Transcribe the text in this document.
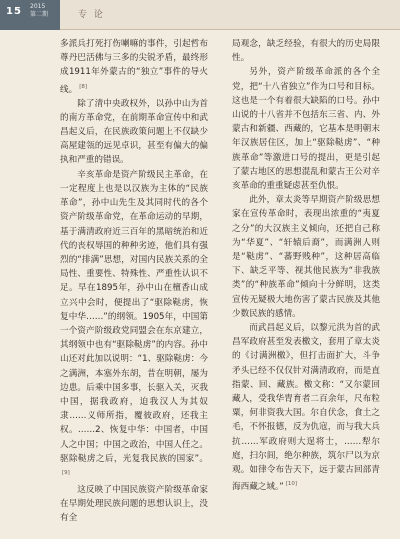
15 2015
第二期	专 论

多派兵打死打伤喇嘛的事件，引起哲布尊丹巴活佛与三多的尖锐矛盾，最终形成1911年外蒙古的“独立”事件的导火线。 [8]

除了清中央政权外，以孙中山为首的南方革命党，在前期革命宣传中和武昌起义后，在民族政策问题上不仅缺少高屋建瓴的远见卓识，甚至有偏大的偏执和严重的错误。

辛亥革命是资产阶级民主革命，在一定程度上也是以汉族为主体的“民族革命”，孙中山先生及其同时代的各个资产阶级革命党，在革命运动的早期，基于满清政府近三百年的黑暗统治和近代的丧权辱国的种种劣迹，他们具有强烈的“排满”思想，对国内民族关系的全局性、重要性、特殊性、严重性认识不足。早在1895年，孙中山在檀香山成立兴中会时，便提出了“驱除鞑虏，恢复中华……”的纲领。1905年，中国第一个资产阶级政党同盟会在东京建立，其纲领中也有“驱除鞑虏”的内容。孙中山还对此加以说明：“1、驱除鞑虏：今之满洲，本塞外东胡，昔在明朝，屡为边患。后乘中国多事，长驱入关，灭我中国，据我政府，迫我汉人为其奴隶……义师所指，覆彼政府，还我主权。……2、恢复中华：中国者，中国人之中国；中国之政治，中国人任之。驱除鞑虏之后，光复我民族的国家”。[9]

这反映了中国民族资产阶级革命家在早期处理民族问题的思想认识上，没有全

局观念，缺乏经验，有很大的历史局限性。

另外，资产阶级革命派的各个全党，把“十八省独立”作为口号和目标。这也是一个有着很大缺陷的口号。孙中山说的十八省并不包括东三省、内、外蒙古和新疆、西藏的，它基本是明朝末年汉族居住区，加上“驱除鞑虏”、“种族革命”等激进口号的提出，更是引起了蒙古地区的思想混乱和蒙古王公对辛亥革命的重重疑虑甚至仇恨。

此外，章太炎等早期资产阶级思想家在宣传革命时，表现出浓重的“夷夏之分”的大汉族主义倾向，还把自己称为“华夏”、“轩辕后裔”，而满洲人则是“鞑虏”、“蕃野贱种”，这种居高临下、缺乏平等、视其他民族为“非我族类”的“种族革命”倾向十分鲜明，这类宣传无疑极大地伤害了蒙古民族及其他少数民族的感情。

而武昌起义后，以黎元洪为首的武昌军政府甚至发表檄文，套用了章太炎的《讨满洲檄》，但打击面扩大，斗争矛头已经不仅仅针对满清政府，而是直指蒙、回、藏族。檄文称：“又尔蒙回藏人，受我华胄育者二百余年，尺布粒粟，何非资我大国。尔自伏念，食土之毛，不怀报德，反为仇寇，而与我大兵抗……军政府则大逞将士，……犁尔庭，扫尔闾，绝尔种族，筑尔尸以为京观。如律令布告天下，远于蒙古回部青海西藏之域。” [10]
